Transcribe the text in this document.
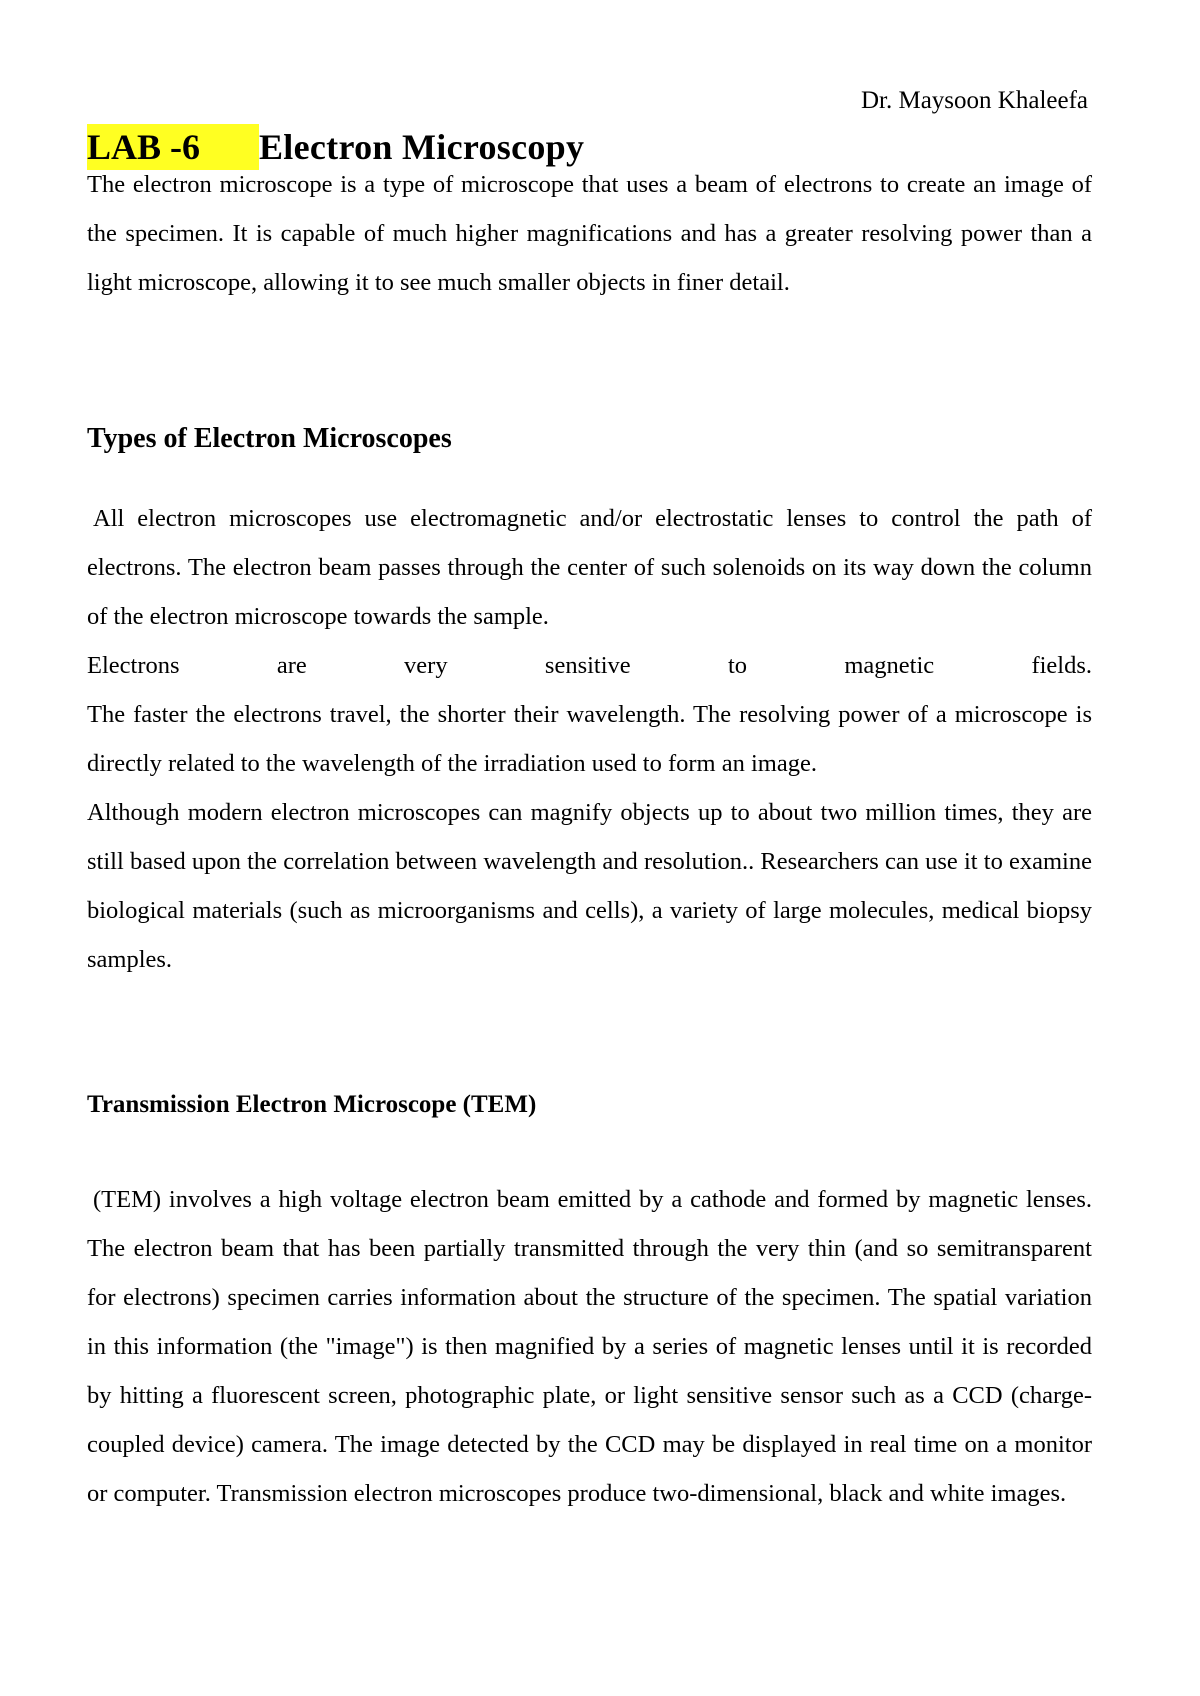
Dr. Maysoon Khaleefa
LAB -6	Electron Microscopy

The electron microscope is a type of microscope that uses a beam of electrons to create an image of the specimen. It is capable of much higher magnifications and has a greater resolving power than a light microscope, allowing it to see much smaller objects in finer detail.

Types of Electron Microscopes

All electron microscopes use electromagnetic and/or electrostatic lenses to control the path of electrons. The electron beam passes through the center of such solenoids on its way down the column of the electron microscope towards the sample.

Electrons are very sensitive to magnetic fields.

The faster the electrons travel, the shorter their wavelength. The resolving power of a microscope is directly related to the wavelength of the irradiation used to form an image.

Although modern electron microscopes can magnify objects up to about two million times, they are still based upon the correlation between wavelength and resolution.. Researchers can use it to examine biological materials (such as microorganisms and cells), a variety of large molecules, medical biopsy samples.

Transmission Electron Microscope (TEM)

(TEM) involves a high voltage electron beam emitted by a cathode and formed by magnetic lenses. The electron beam that has been partially transmitted through the very thin (and so semitransparent for electrons) specimen carries information about the structure of the specimen. The spatial variation in this information (the "image") is then magnified by a series of magnetic lenses until it is recorded by hitting a fluorescent screen, photographic plate, or light sensitive sensor such as a CCD (charge-coupled device) camera. The image detected by the CCD may be displayed in real time on a monitor or computer. Transmission electron microscopes produce two-dimensional, black and white images.
